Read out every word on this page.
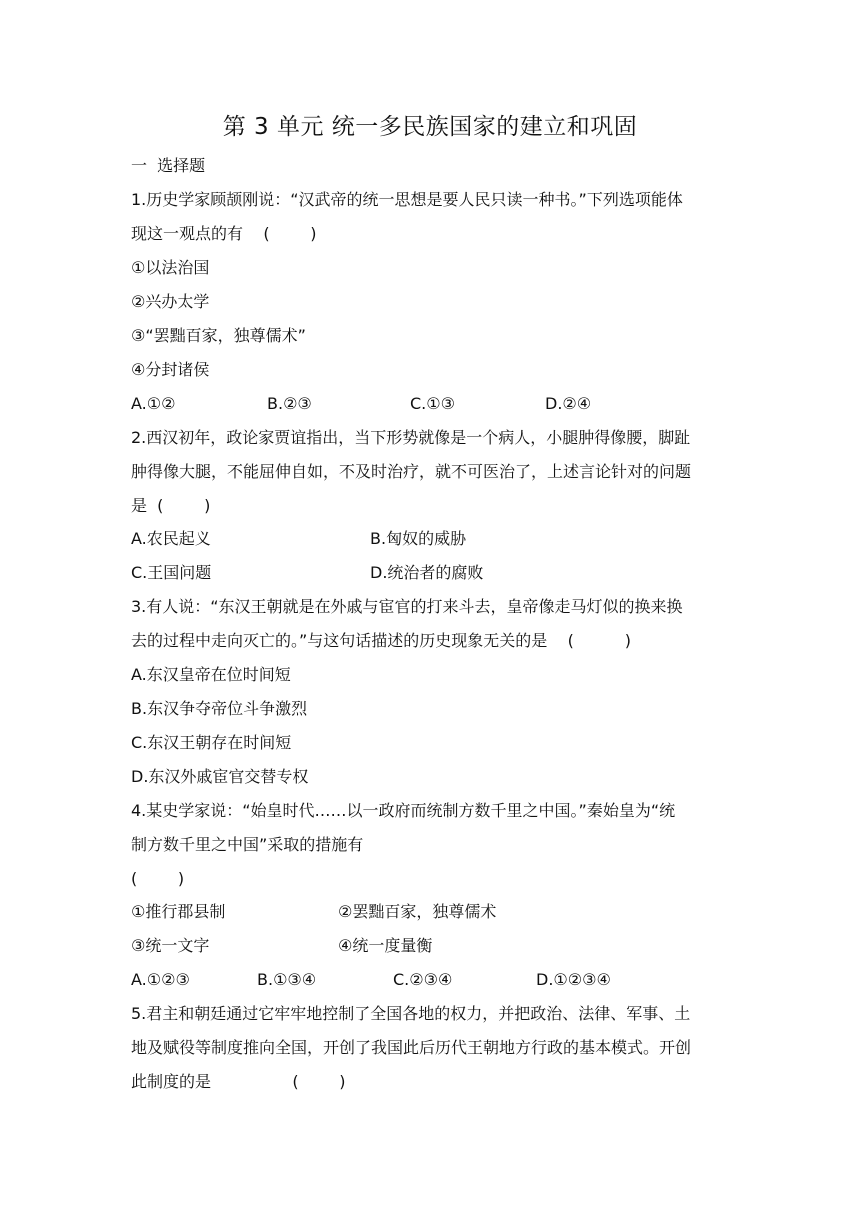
第 3 单元 统一多民族国家的建立和巩固
一  选择题
1.历史学家顾颉刚说：“汉武帝的统一思想是要人民只读一种书。”下列选项能体
现这一观点的有    (        )
①以法治国
②兴办太学
③“罢黜百家，独尊儒术”
④分封诸侯
A.①②	B.②③	C.①③	D.②④
2.西汉初年，政论家贾谊指出，当下形势就像是一个病人，小腿肿得像腰，脚趾
肿得像大腿，不能屈伸自如，不及时治疗，就不可医治了，上述言论针对的问题
是  (        )
A.农民起义	B.匈奴的威胁
C.王国问题	D.统治者的腐败
3.有人说：“东汉王朝就是在外戚与宦官的打来斗去，皇帝像走马灯似的换来换
去的过程中走向灭亡的。”与这句话描述的历史现象无关的是    (          )
A.东汉皇帝在位时间短
B.东汉争夺帝位斗争激烈
C.东汉王朝存在时间短
D.东汉外戚宦官交替专权
4.某史学家说：“始皇时代……以一政府而统制方数千里之中国。”秦始皇为“统
制方数千里之中国”采取的措施有
(        )
①推行郡县制	②罢黜百家，独尊儒术
③统一文字	④统一度量衡
A.①②③	B.①③④	C.②③④	D.①②③④
5.君主和朝廷通过它牢牢地控制了全国各地的权力，并把政治、法律、军事、土
地及赋役等制度推向全国，开创了我国此后历代王朝地方行政的基本模式。开创
此制度的是                (        )
